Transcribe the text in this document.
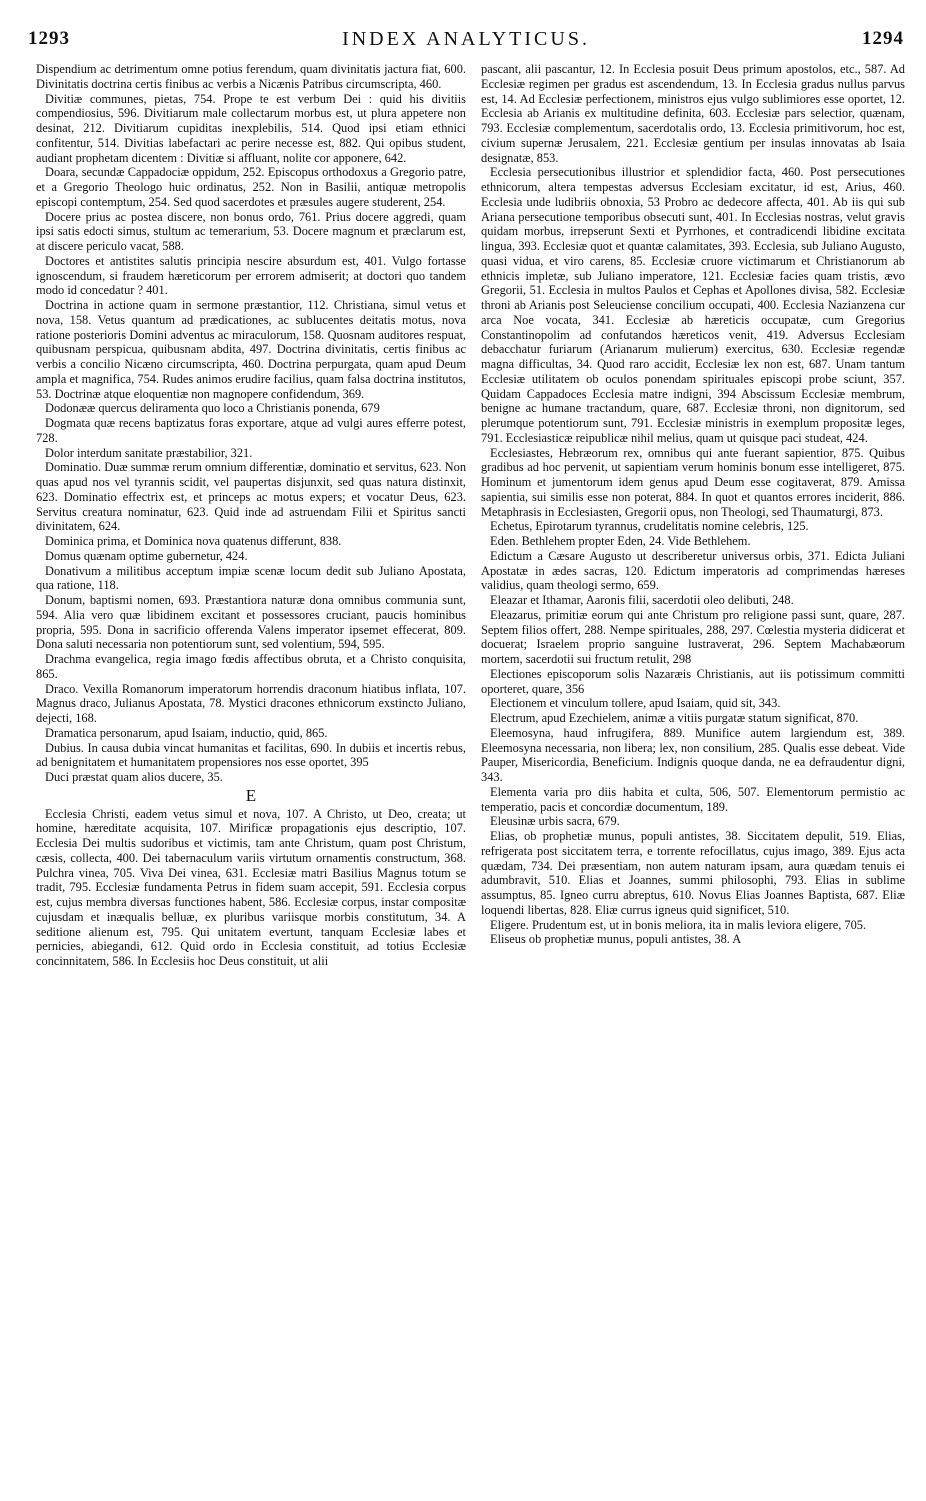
1293	INDEX ANALYTICUS.	1294

Dispendium ac detrimentum omne potius ferendum, quam divinitatis jactura fiat, 600. Divinitatis doctrina certis finibus ac verbis a Nicænis Patribus circumscripta, 460.

Divitiæ communes, pietas, 754. Prope te est verbum Dei : quid his divitiis compendiosius, 596. Divitiarum male collectarum morbus est, ut plura appetere non desinat, 212. Divitiarum cupiditas inexplebilis, 514. Quod ipsi etiam ethnici confitentur, 514. Divitias labefactari ac perire necesse est, 882. Qui opibus student, audiant prophetam dicentem : Divitiæ si affluant, nolite cor apponere, 642.

Doara, secundæ Cappadociæ oppidum, 252. Episcopus orthodoxus a Gregorio patre, et a Gregorio Theologo huic ordinatus, 252. Non in Basilii, antiquæ metropolis episcopi contemptum, 254. Sed quod sacerdotes et præsules augere studerent, 254.

Docere prius ac postea discere, non bonus ordo, 761. Prius docere aggredi, quam ipsi satis edocti simus, stultum ac temerarium, 53. Docere magnum et præclarum est, at discere periculo vacat, 588.

Doctores et antistites salutis principia nescire absurdum est, 401. Vulgo fortasse ignoscendum, si fraudem hæreticorum per errorem admiserit; at doctori quo tandem modo id concedatur ? 401.

Doctrina in actione quam in sermone præstantior, 112. Christiana, simul vetus et nova, 158. Vetus quantum ad prædicationes, ac sublucentes deitatis motus, nova ratione posterioris Domini adventus ac miraculorum, 158. Quosnam auditores respuat, quibusnam perspicua, quibusnam abdita, 497. Doctrina divinitatis, certis finibus ac verbis a concilio Nicæno circumscripta, 460. Doctrina perpurgata, quam apud Deum ampla et magnifica, 754. Rudes animos erudire facilius, quam falsa doctrina institutos, 53. Doctrinæ atque eloquentiæ non magnopere confidendum, 369.

Dodonææ quercus deliramenta quo loco a Christianis ponenda, 679

Dogmata quæ recens baptizatus foras exportare, atque ad vulgi aures efferre potest, 728.

Dolor interdum sanitate præstabilior, 321.

Dominatio. Duæ summæ rerum omnium differentiæ, dominatio et servitus, 623. Non quas apud nos vel tyrannis scidit, vel paupertas disjunxit, sed quas natura distinxit, 623. Dominatio effectrix est, et princeps ac motus expers; et vocatur Deus, 623. Servitus creatura nominatur, 623. Quid inde ad astruendam Filii et Spiritus sancti divinitatem, 624.

Dominica prima, et Dominica nova quatenus differunt, 838.

Domus quænam optime gubernetur, 424.

Donativum a militibus acceptum impiæ scenæ locum dedit sub Juliano Apostata, qua ratione, 118.

Donum, baptismi nomen, 693. Præstantiora naturæ dona omnibus communia sunt, 594. Alia vero quæ libidinem excitant et possessores cruciant, paucis hominibus propria, 595. Dona in sacrificio offerenda Valens imperator ipsemet effecerat, 809. Dona saluti necessaria non potentiorum sunt, sed volentium, 594, 595.

Drachma evangelica, regia imago fœdis affectibus obruta, et a Christo conquisita, 865.

Draco. Vexilla Romanorum imperatorum horrendis draconum hiatibus inflata, 107. Magnus draco, Julianus Apostata, 78. Mystici dracones ethnicorum exstincto Juliano, dejecti, 168.

Dramatica personarum, apud Isaiam, inductio, quid, 865.

Dubius. In causa dubia vincat humanitas et facilitas, 690. In dubiis et incertis rebus, ad benignitatem et humanitatem propensiores nos esse oportet, 395

Duci præstat quam alios ducere, 35.

E

Ecclesia Christi, eadem vetus simul et nova, 107. A Christo, ut Deo, creata; ut homine, hæreditate acquisita, 107. Mirificæ propagationis ejus descriptio, 107. Ecclesia Dei multis sudoribus et victimis, tam ante Christum, quam post Christum, cæsis, collecta, 400. Dei tabernaculum variis virtutum ornamentis constructum, 368. Pulchra vinea, 705. Viva Dei vinea, 631. Ecclesiæ matri Basilius Magnus totum se tradit, 795. Ecclesiæ fundamenta Petrus in fidem suam accepit, 591. Ecclesia corpus est, cujus membra diversas functiones habent, 586. Ecclesiæ corpus, instar compositæ cujusdam et inæqualis belluæ, ex pluribus variisque morbis constitutum, 34. A seditione alienum est, 795. Qui unitatem evertunt, tanquam Ecclesiæ labes et pernicies, abiegandi, 612. Quid ordo in Ecclesia constituit, ad totius Ecclesiæ concinnitatem, 586. In Ecclesiis hoc Deus constituit, ut alii

pascant, alii pascantur, 12. In Ecclesia posuit Deus primum apostolos, etc., 587. Ad Ecclesiæ regimen per gradus est ascendendum, 13. In Ecclesia gradus nullus parvus est, 14. Ad Ecclesiæ perfectionem, ministros ejus vulgo sublimiores esse oportet, 12. Ecclesia ab Arianis ex multitudine definita, 603. Ecclesiæ pars selectior, quænam, 793. Ecclesiæ complementum, sacerdotalis ordo, 13. Ecclesia primitivorum, hoc est, civium supernæ Jerusalem, 221. Ecclesiæ gentium per insulas innovatas ab Isaia designatæ, 853.

Ecclesia persecutionibus illustrior et splendidior facta, 460. Post persecutiones ethnicorum, altera tempestas adversus Ecclesiam excitatur, id est, Arius, 460. Ecclesia unde ludibriis obnoxia, 53 Probro ac dedecore affecta, 401. Ab iis qui sub Ariana persecutione temporibus obsecuti sunt, 401. In Ecclesias nostras, velut gravis quidam morbus, irrepserunt Sexti et Pyrrhones, et contradicendi libidine excitata lingua, 393. Ecclesiæ quot et quantæ calamitates, 393. Ecclesia, sub Juliano Augusto, quasi vidua, et viro carens, 85. Ecclesiæ cruore victimarum et Christianorum ab ethnicis impletæ, sub Juliano imperatore, 121. Ecclesiæ facies quam tristis, ævo Gregorii, 51. Ecclesia in multos Paulos et Cephas et Apollones divisa, 582. Ecclesiæ throni ab Arianis post Seleuciense concilium occupati, 400. Ecclesia Nazianzena cur arca Noe vocata, 341. Ecclesiæ ab hæreticis occupatæ, cum Gregorius Constantinopolim ad confutandos hæreticos venit, 419. Adversus Ecclesiam debacchatur furiarum (Arianarum mulierum) exercitus, 630. Ecclesiæ regendæ magna difficultas, 34. Quod raro accidit, Ecclesiæ lex non est, 687. Unam tantum Ecclesiæ utilitatem ob oculos ponendam spirituales episcopi probe sciunt, 357. Quidam Cappadoces Ecclesia matre indigni, 394 Abscissum Ecclesiæ membrum, benigne ac humane tractandum, quare, 687. Ecclesiæ throni, non dignitorum, sed plerumque potentiorum sunt, 791. Ecclesiæ ministris in exemplum propositæ leges, 791. Ecclesiasticæ reipublicæ nihil melius, quam ut quisque paci studeat, 424.

Ecclesiastes, Hebræorum rex, omnibus qui ante fuerant sapientior, 875. Quibus gradibus ad hoc pervenit, ut sapientiam verum hominis bonum esse intelligeret, 875. Hominum et jumentorum idem genus apud Deum esse cogitaverat, 879. Amissa sapientia, sui similis esse non poterat, 884. In quot et quantos errores inciderit, 886. Metaphrasis in Ecclesiasten, Gregorii opus, non Theologi, sed Thaumaturgi, 873.

Echetus, Epirotarum tyrannus, crudelitatis nomine celebris, 125.

Eden. Bethlehem propter Eden, 24. Vide Bethlehem.

Edictum a Cæsare Augusto ut describeretur universus orbis, 371. Edicta Juliani Apostatæ in ædes sacras, 120. Edictum imperatoris ad comprimendas hæreses validius, quam theologi sermo, 659.

Eleazar et Ithamar, Aaronis filii, sacerdotii oleo delibuti, 248.

Eleazarus, primitiæ eorum qui ante Christum pro religione passi sunt, quare, 287. Septem filios offert, 288. Nempe spirituales, 288, 297. Cœlestia mysteria didicerat et docuerat; Israelem proprio sanguine lustraverat, 296. Septem Machabæorum mortem, sacerdotii sui fructum retulit, 298

Electiones episcoporum solis Nazaræis Christianis, aut iis potissimum committi oporteret, quare, 356

Electionem et vinculum tollere, apud Isaiam, quid sit, 343.

Electrum, apud Ezechielem, animæ a vitiis purgatæ statum significat, 870.

Eleemosyna, haud infrugifera, 889. Munifice autem largiendum est, 389. Eleemosyna necessaria, non libera; lex, non consilium, 285. Qualis esse debeat. Vide Pauper, Misericordia, Beneficium. Indignis quoque danda, ne ea defraudentur digni, 343.

Elementa varia pro diis habita et culta, 506, 507. Elementorum permistio ac temperatio, pacis et concordiæ documentum, 189.

Eleusinæ urbis sacra, 679.

Elias, ob prophetiæ munus, populi antistes, 38. Siccitatem depulit, 519. Elias, refrigerata post siccitatem terra, e torrente refocillatus, cujus imago, 389. Ejus acta quædam, 734. Dei præsentiam, non autem naturam ipsam, aura quædam tenuis ei adumbravit, 510. Elias et Joannes, summi philosophi, 793. Elias in sublime assumptus, 85. Igneo curru abreptus, 610. Novus Elias Joannes Baptista, 687. Eliæ loquendi libertas, 828. Eliæ currus igneus quid significet, 510.

Eligere. Prudentum est, ut in bonis meliora, ita in malis leviora eligere, 705.

Eliseus ob prophetiæ munus, populi antistes, 38. A
